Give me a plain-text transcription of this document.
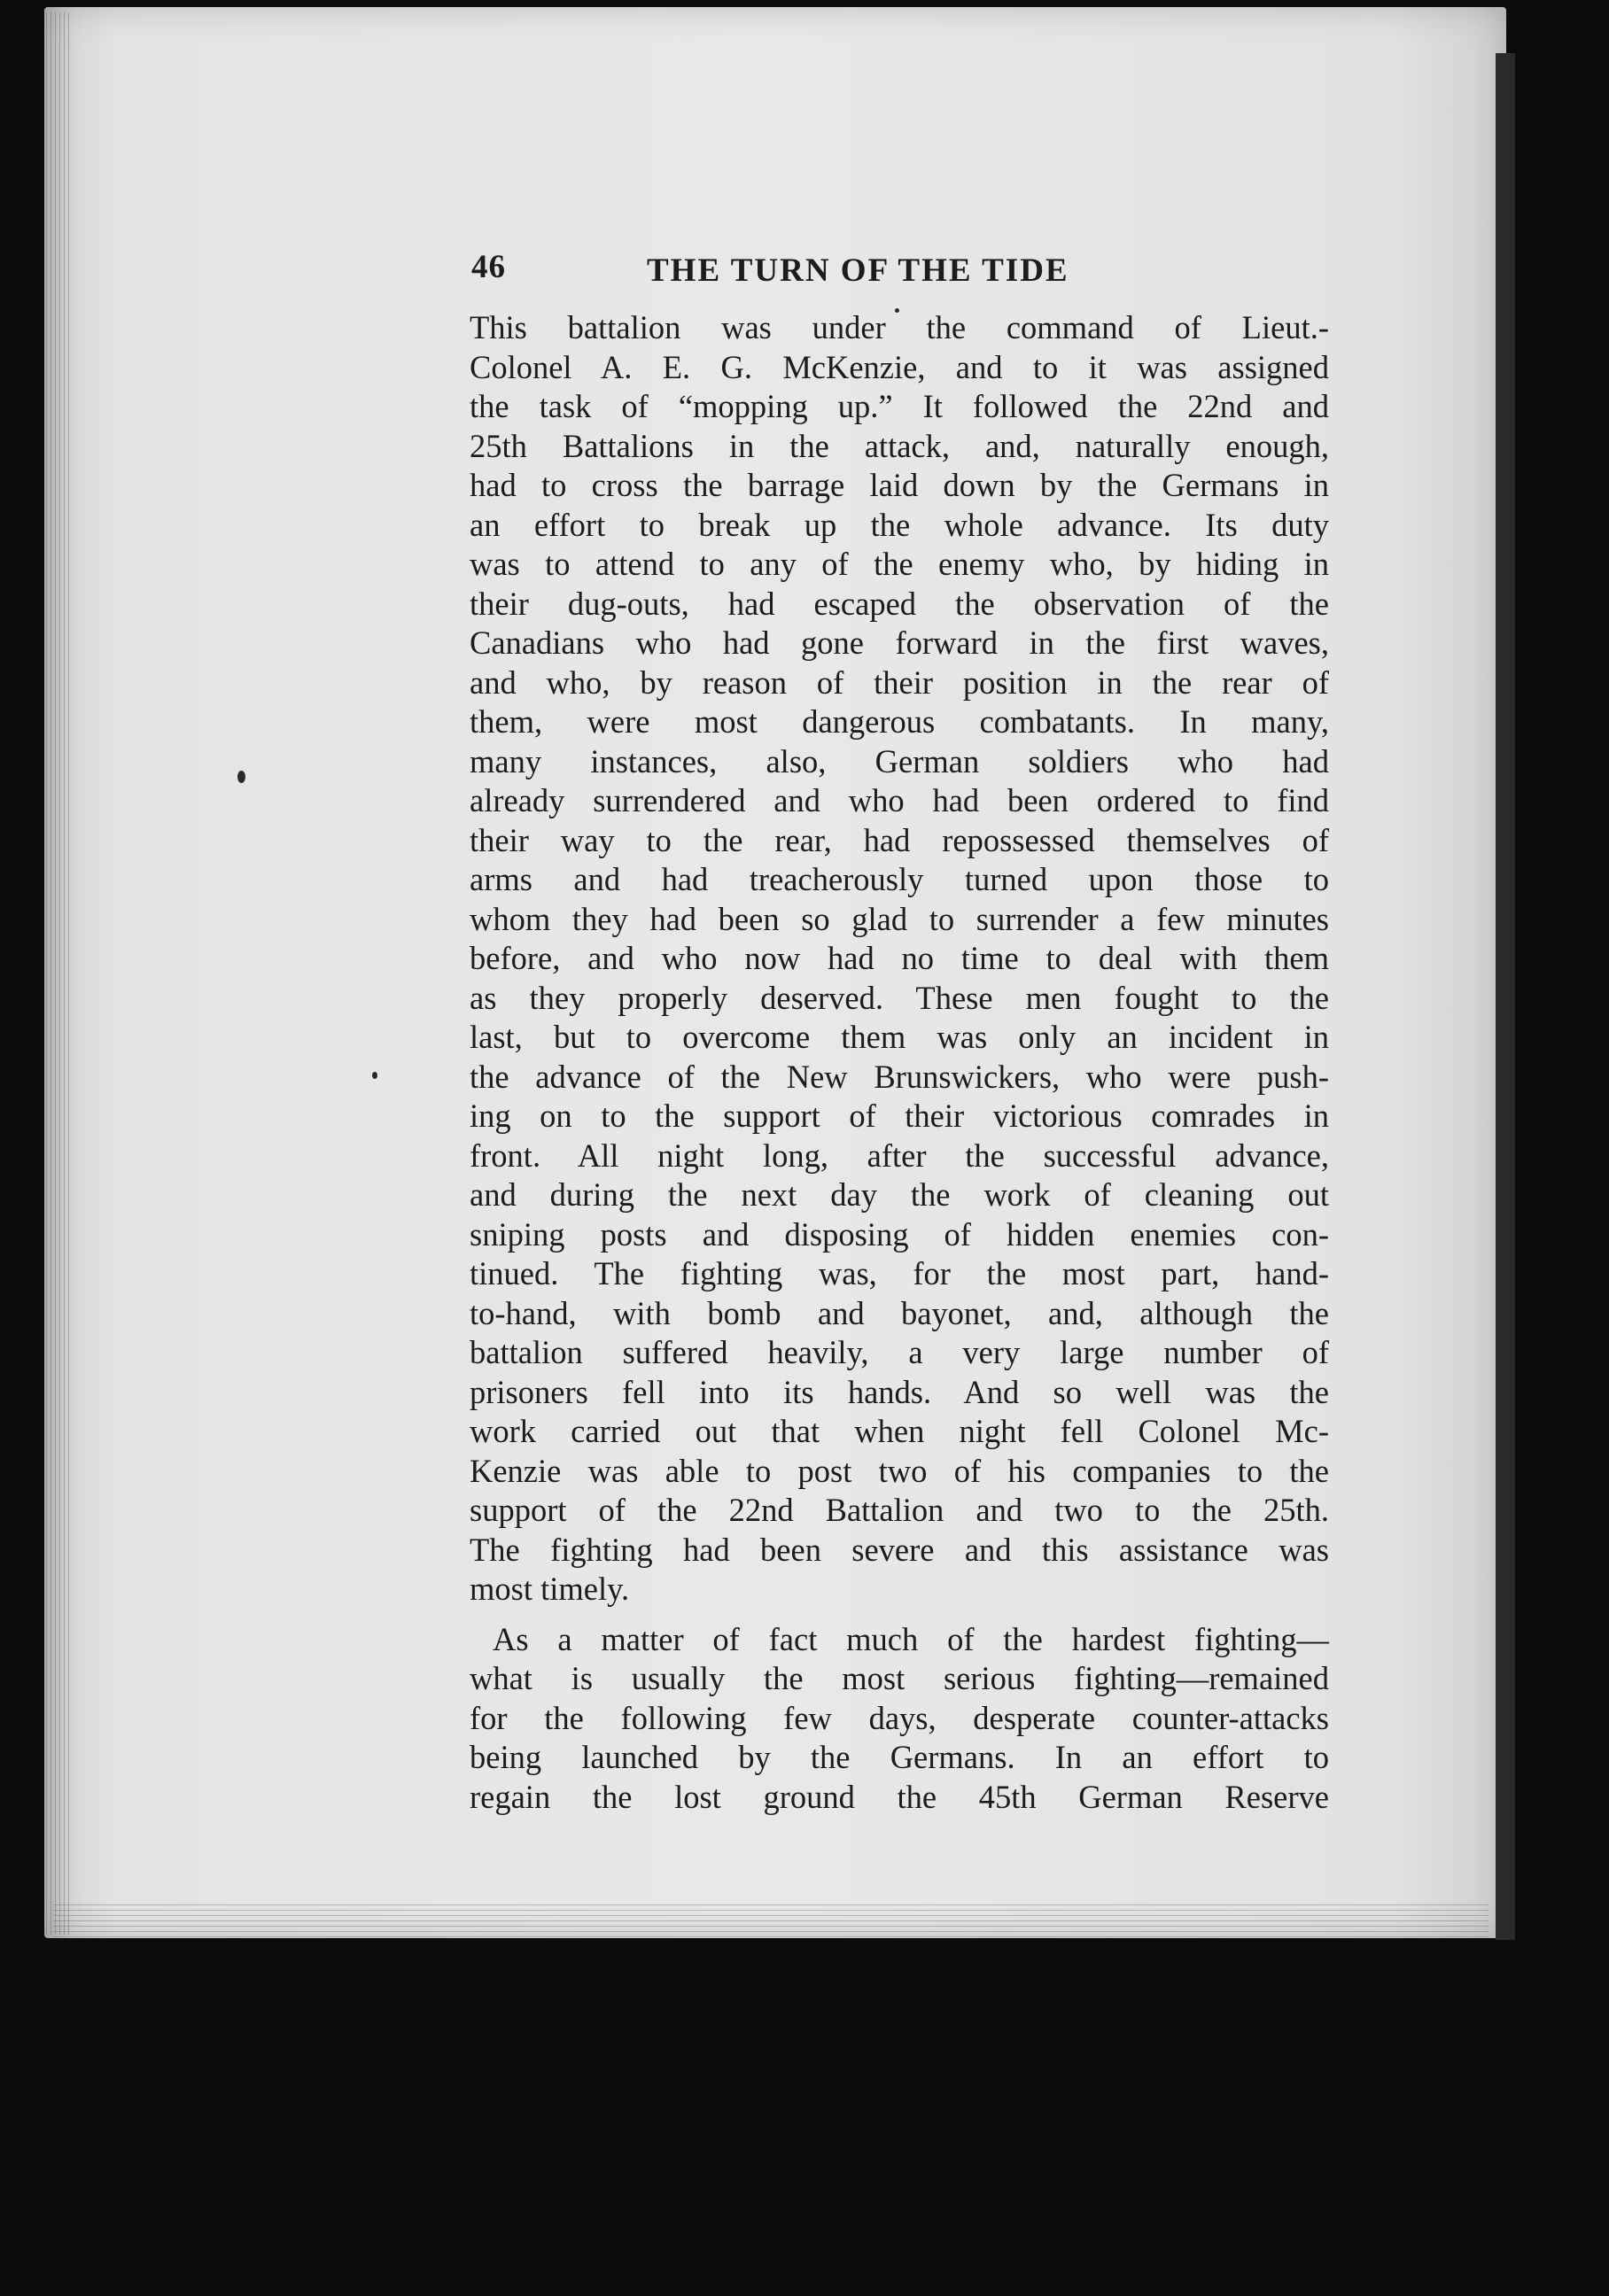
46	THE TURN OF THE TIDE
This battalion was under the command of Lieut.-
Colonel A. E. G. McKenzie, and to it was assigned
the task of “mopping up.” It followed the 22nd and
25th Battalions in the attack, and, naturally enough,
had to cross the barrage laid down by the Germans in
an effort to break up the whole advance. Its duty
was to attend to any of the enemy who, by hiding in
their dug-outs, had escaped the observation of the
Canadians who had gone forward in the first waves,
and who, by reason of their position in the rear of
them, were most dangerous combatants. In many,
many instances, also, German soldiers who had
already surrendered and who had been ordered to find
their way to the rear, had repossessed themselves of
arms and had treacherously turned upon those to
whom they had been so glad to surrender a few minutes
before, and who now had no time to deal with them
as they properly deserved. These men fought to the
last, but to overcome them was only an incident in
the advance of the New Brunswickers, who were push-
ing on to the support of their victorious comrades in
front. All night long, after the successful advance,
and during the next day the work of cleaning out
sniping posts and disposing of hidden enemies con-
tinued. The fighting was, for the most part, hand-
to-hand, with bomb and bayonet, and, although the
battalion suffered heavily, a very large number of
prisoners fell into its hands. And so well was the
work carried out that when night fell Colonel Mc-
Kenzie was able to post two of his companies to the
support of the 22nd Battalion and two to the 25th.
The fighting had been severe and this assistance was
most timely.
As a matter of fact much of the hardest fighting—
what is usually the most serious fighting—remained
for the following few days, desperate counter-attacks
being launched by the Germans. In an effort to
regain the lost ground the 45th German Reserve
